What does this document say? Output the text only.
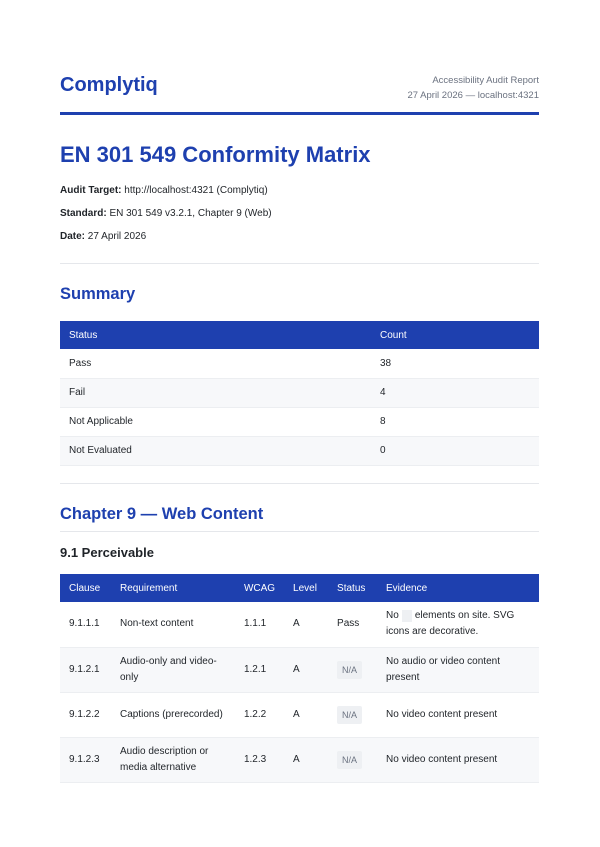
Complytiq	Accessibility Audit Report
27 April 2026 — localhost:4321
EN 301 549 Conformity Matrix
Audit Target: http://localhost:4321 (Complytiq)
Standard: EN 301 549 v3.2.1, Chapter 9 (Web)
Date: 27 April 2026
Summary
Status	Count
Pass	38
Fail	4
Not Applicable	8
Not Evaluated	0
Chapter 9 — Web Content
9.1 Perceivable
Clause	Requirement	WCAG	Level	Status	Evidence
9.1.1.1	Non-text content	1.1.1	A	Pass	No elements on site. SVG icons are decorative.
9.1.2.1	Audio-only and video-only	1.2.1	A	N/A	No audio or video content present
9.1.2.2	Captions (prerecorded)	1.2.2	A	N/A	No video content present
9.1.2.3	Audio description or media alternative	1.2.3	A	N/A	No video content present
